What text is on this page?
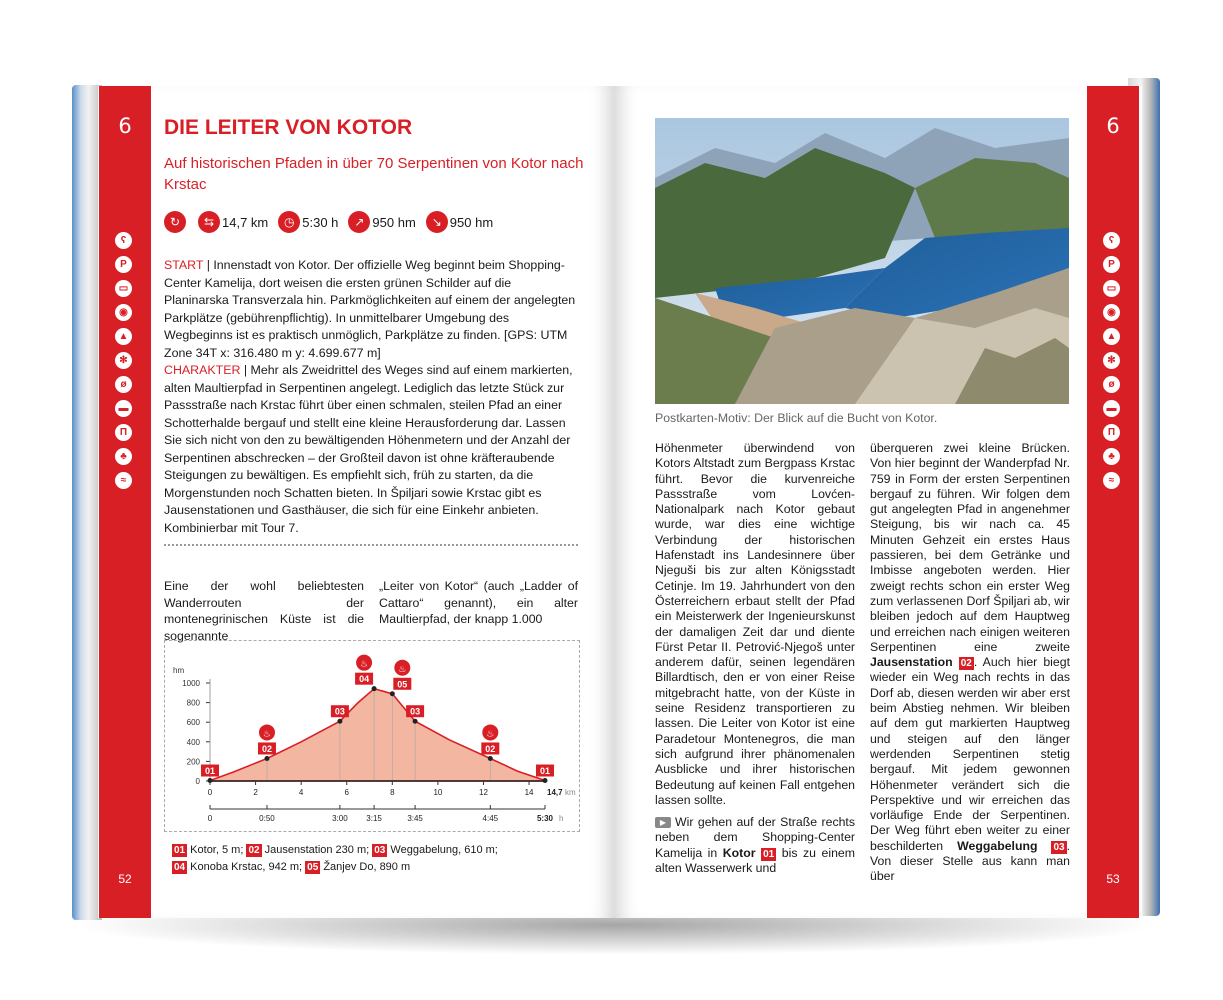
6
ʕ
P
▭
◉
▲
✻
ø
▬
Π
♣
≈
52
6
ʕ
P
▭
◉
▲
✻
ø
▬
Π
♣
≈
53
DIE LEITER VON KOTOR
Auf historischen Pfaden in über 70 Serpentinen von Kotor nach Krstac
↻	⇆ 14,7 km	◷ 5:30 h	↗ 950 hm	↘ 950 hm
START | Innenstadt von Kotor. Der offizielle Weg beginnt beim Shopping-Center Kamelija, dort weisen die ersten grünen Schilder auf die Planinarska Transverzala hin. Parkmöglichkeiten auf einem der angelegten Parkplätze (gebührenpflichtig). In unmittelbarer Umgebung des Wegbeginns ist es praktisch unmöglich, Parkplätze zu finden. [GPS: UTM Zone 34T x: 316.480 m y: 4.699.677 m]
CHARAKTER | Mehr als Zweidrittel des Weges sind auf einem markierten, alten Maultierpfad in Serpentinen angelegt. Lediglich das letzte Stück zur Passstraße nach Krstac führt über einen schmalen, steilen Pfad an einer Schotterhalde bergauf und stellt eine kleine Herausforderung dar. Lassen Sie sich nicht von den zu bewältigenden Höhenmetern und der Anzahl der Serpentinen abschrecken – der Großteil davon ist ohne kräfteraubende Steigungen zu bewältigen. Es empfiehlt sich, früh zu starten, da die Morgenstunden noch Schatten bieten. In Špiljari sowie Krstac gibt es Jausenstationen und Gasthäuser, die sich für eine Einkehr anbieten. Kombinierbar mit Tour 7.
Eine der wohl beliebtesten Wanderrouten der montenegrinischen Küste ist die sogenannte
„Leiter von Kotor“ (auch „Ladder of Cattaro“ genannt), ein alter Maultierpfad, der knapp 1.000
hm
0
200
400
600
800
1000
0	2	4	6	8	10	12	14 14,7 km
0	0:50	3:00 3:15	3:45	4:45	5:30 h
01
02
♨
03
04
♨
05
♨
03
02
♨
01
01 Kotor, 5 m; 02 Jausenstation 230 m; 03 Weggabelung, 610 m;
04 Konoba Krstac, 942 m; 05 Žanjev Do, 890 m
Postkarten-Motiv: Der Blick auf die Bucht von Kotor.
Höhenmeter überwindend von Kotors Altstadt zum Bergpass Krstac führt. Bevor die kurvenreiche Passstraße vom Lovćen-Nationalpark nach Kotor gebaut wurde, war dies eine wichtige Verbindung der historischen Hafenstadt ins Landesinnere über Njeguši bis zur alten Königsstadt Cetinje. Im 19. Jahrhundert von den Österreichern erbaut stellt der Pfad ein Meisterwerk der Ingenieurskunst der damaligen Zeit dar und diente Fürst Petar II. Petrović-Njegoš unter anderem dafür, seinen legendären Billardtisch, den er von einer Reise mitgebracht hatte, von der Küste in seine Residenz transportieren zu lassen. Die Leiter von Kotor ist eine Paradetour Montenegros, die man sich aufgrund ihrer phänomenalen Ausblicke und ihrer historischen Bedeutung auf keinen Fall entgehen lassen sollte.
▶ Wir gehen auf der Straße rechts neben dem Shopping-Center Kamelija in Kotor 01 bis zu einem alten Wasserwerk und
überqueren zwei kleine Brücken. Von hier beginnt der Wanderpfad Nr. 759 in Form der ersten Serpentinen bergauf zu führen. Wir folgen dem gut angelegten Pfad in angenehmer Steigung, bis wir nach ca. 45 Minuten Gehzeit ein erstes Haus passieren, bei dem Getränke und Imbisse angeboten werden. Hier zweigt rechts schon ein erster Weg zum verlassenen Dorf Špiljari ab, wir bleiben jedoch auf dem Hauptweg und erreichen nach einigen weiteren Serpentinen eine zweite Jausenstation 02 . Auch hier biegt wieder ein Weg nach rechts in das Dorf ab, diesen werden wir aber erst beim Abstieg nehmen. Wir bleiben auf dem gut markierten Hauptweg und steigen auf den länger werdenden Serpentinen stetig bergauf. Mit jedem gewonnen Höhenmeter verändert sich die Perspektive und wir erreichen das vorläufige Ende der Serpentinen. Der Weg führt eben weiter zu einer beschilderten Weggabelung 03 . Von dieser Stelle aus kann man über
